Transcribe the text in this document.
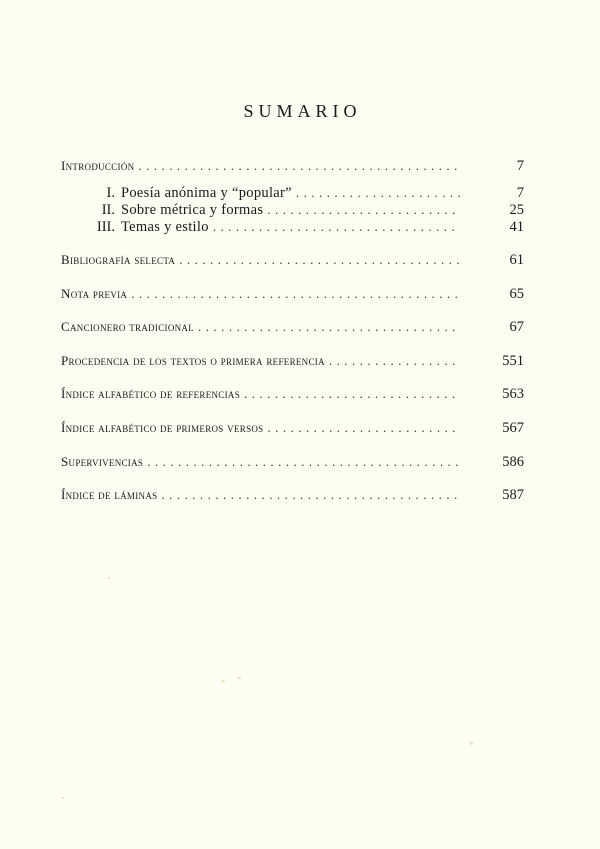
SUMARIO
Introducción . . .	7
I. Poesía anónima y “popular” . . .	7
II. Sobre métrica y formas . . .	25
III. Temas y estilo . . .	41
Bibliografía selecta . . .	61
Nota previa . . .	65
Cancionero tradicional . . .	67
Procedencia de los textos o primera referencia . . .	551
Índice alfabético de referencias . . .	563
Índice alfabético de primeros versos . . .	567
Supervivencias . . .	586
Índice de láminas . . .	587
